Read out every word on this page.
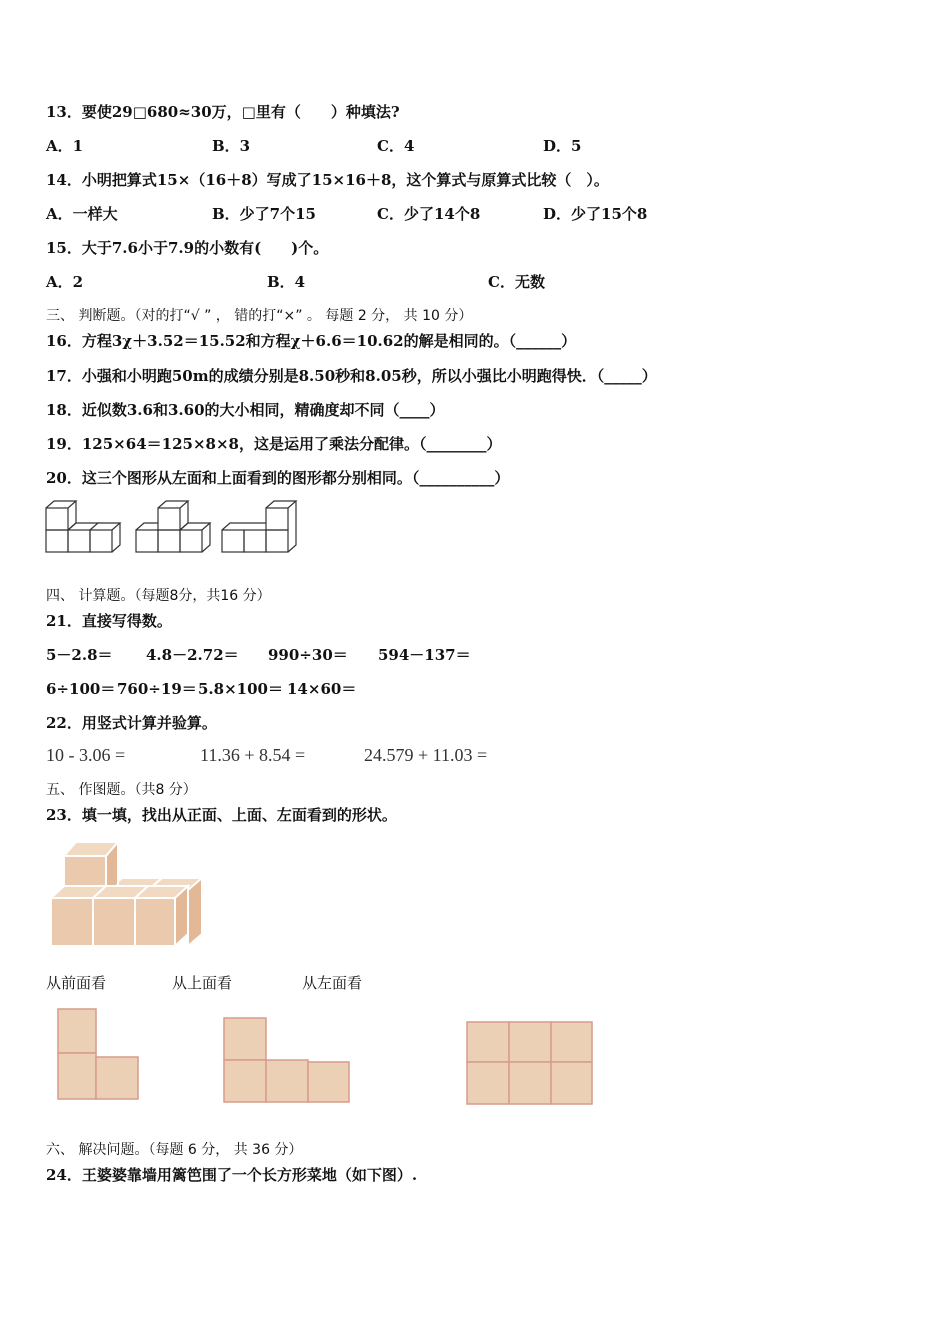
13．要使29□680≈30万，□里有（　　）种填法?
A．1	B．3	C．4	D．5
14．小明把算式15×（16＋8）写成了15×16＋8，这个算式与原算式比较（　）。
A．一样大	B．少了7个15	C．少了14个8	D．少了15个8
15．大于7.6小于7.9的小数有(　　)个。
A．2	B．4	C．无数
三、 判断题。（对的打“√ ” ， 错的打“×” 。 每题 2 分， 共 10 分）
16．方程3χ＋3.52＝15.52和方程χ＋6.6＝10.62的解是相同的。（______）
17．小强和小明跑50m的成绩分别是8.50秒和8.05秒，所以小强比小明跑得快．（_____）
18．近似数3.6和3.60的大小相同，精确度却不同（____）
19．125×64＝125×8×8，这是运用了乘法分配律。（________）
20．这三个图形从左面和上面看到的图形都分别相同。（__________）
四、 计算题。（每题8分，共16 分）
21．直接写得数。
5－2.8＝ 4.8－2.72＝ 990÷30＝ 594－137＝
6÷100＝ 760÷19＝ 5.8×100＝ 14×60＝
22．用竖式计算并验算。
10 - 3.06 =	11.36 + 8.54 =	24.579 + 11.03 =
五、 作图题。（共8 分）
23．填一填，找出从正面、上面、左面看到的形状。
从前面看	从上面看	从左面看
六、 解决问题。（每题 6 分， 共 36 分）
24．王婆婆靠墙用篱笆围了一个长方形菜地（如下图）.
